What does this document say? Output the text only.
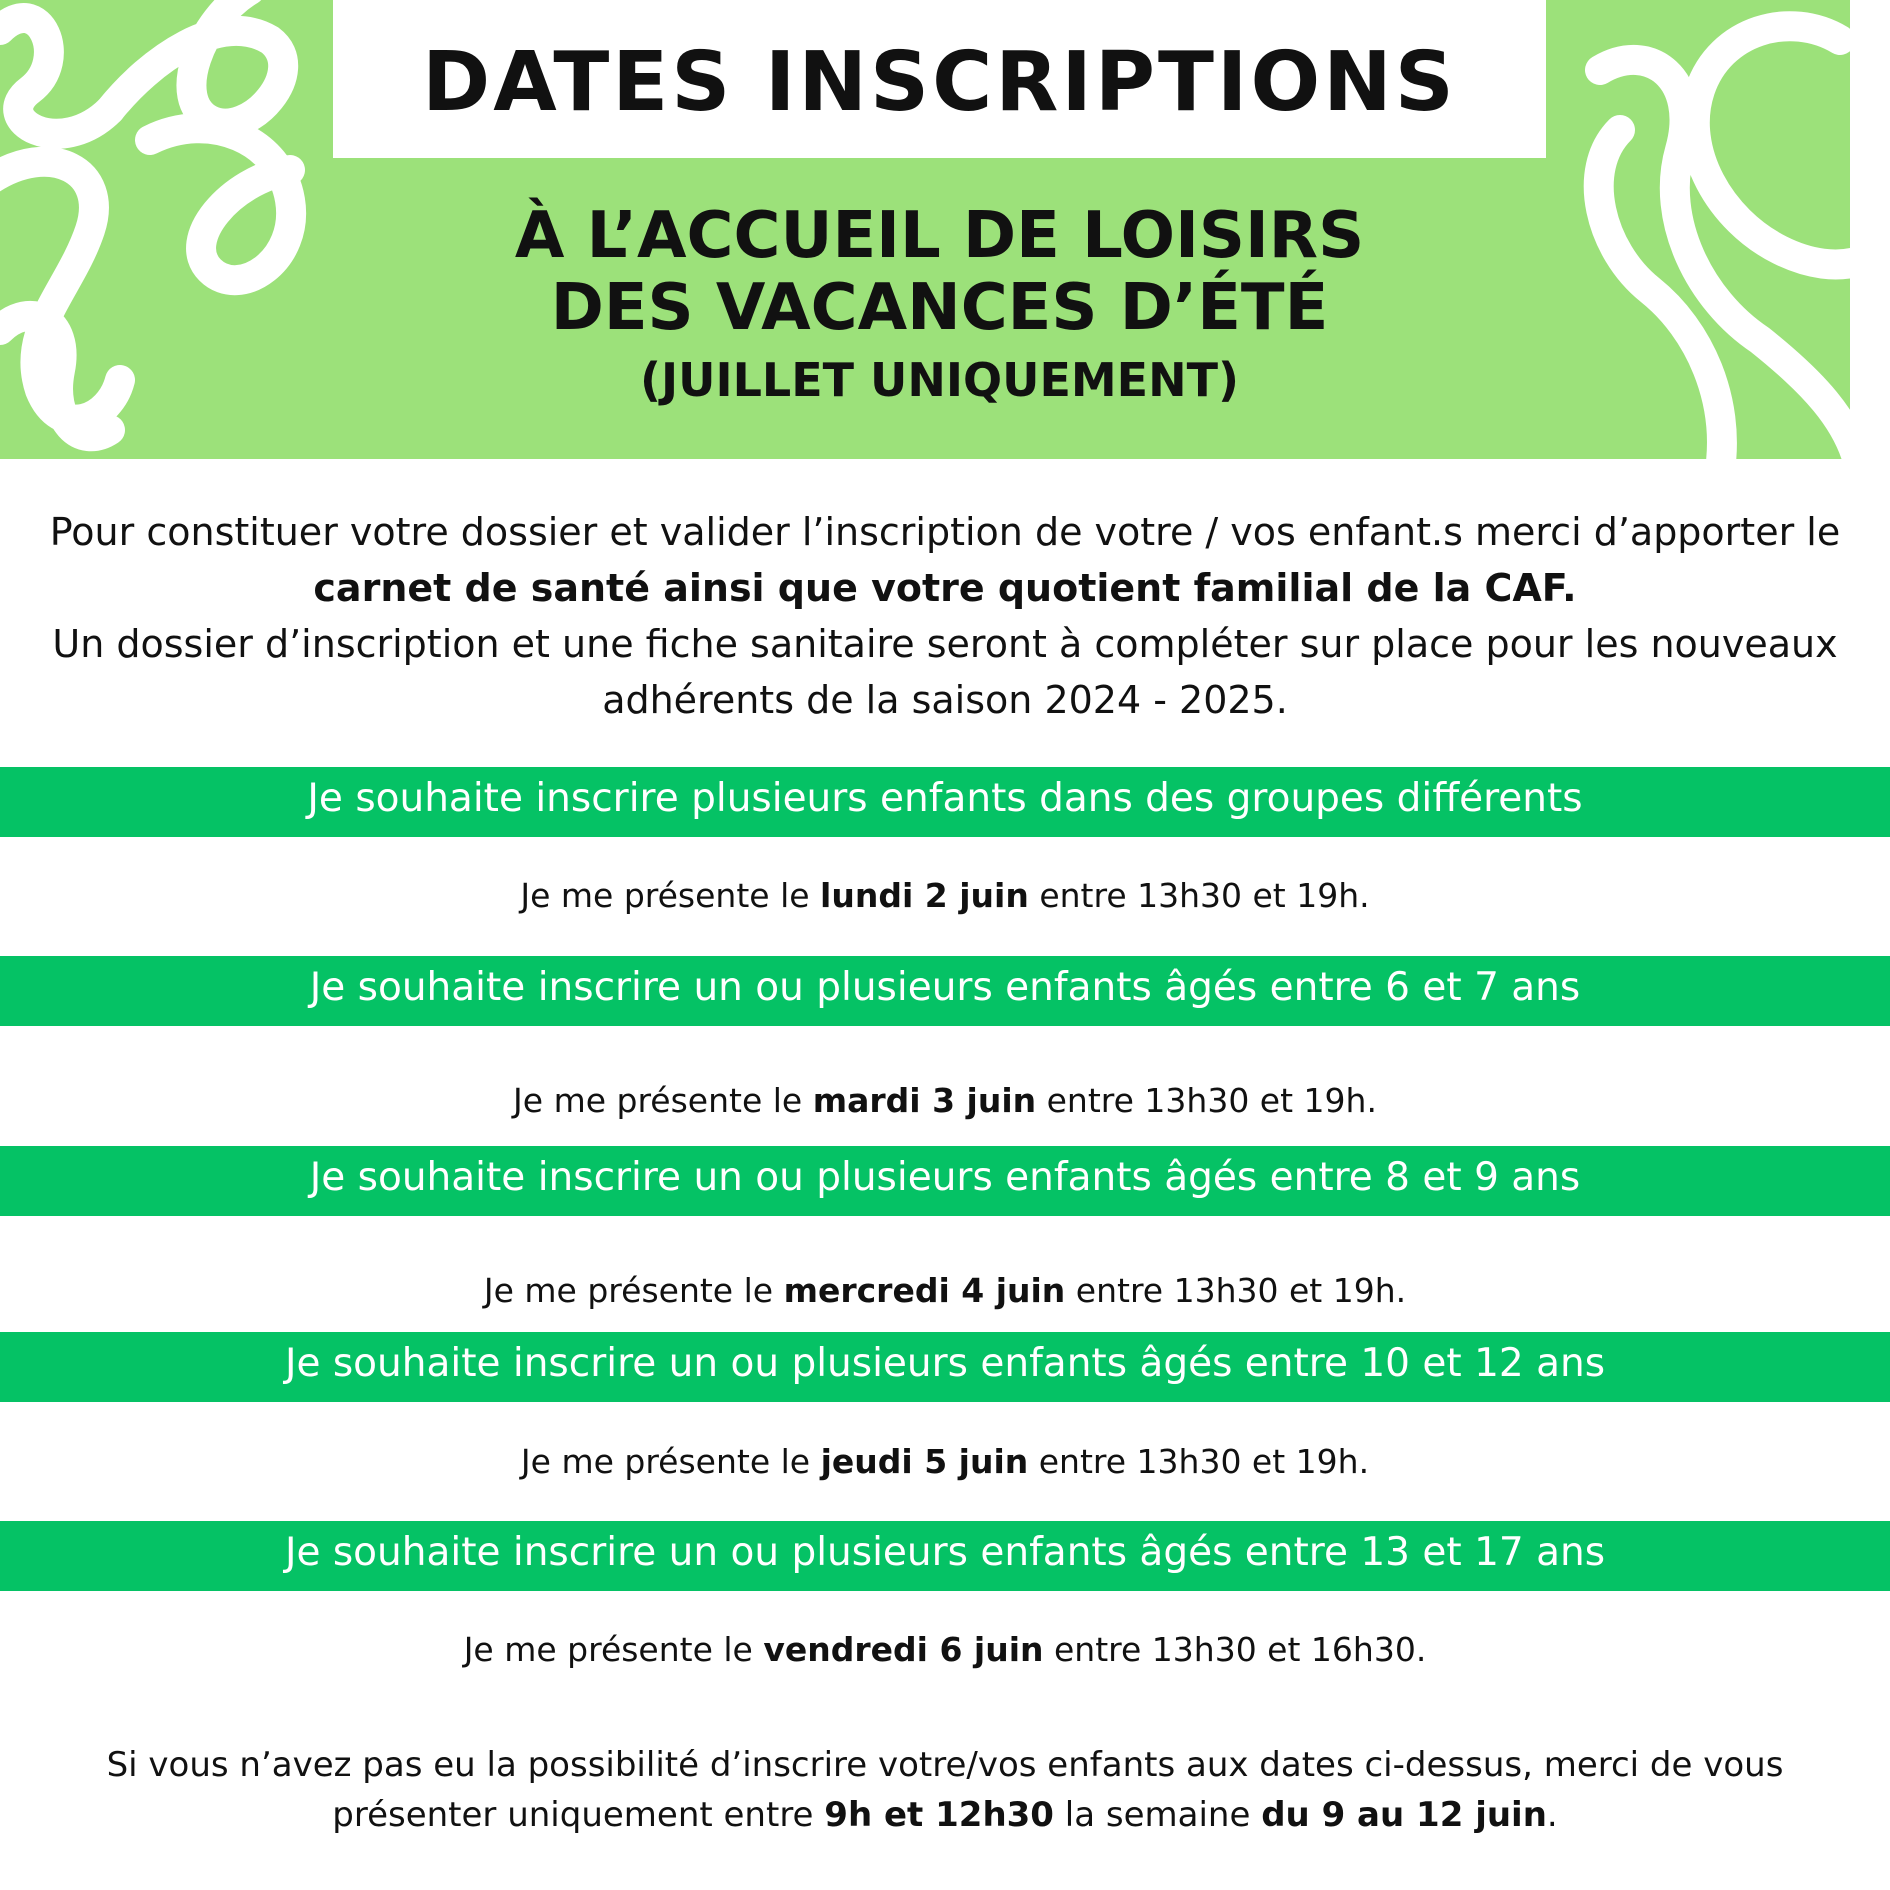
DATES INSCRIPTIONS
À L’ACCUEIL DE LOISIRS
DES VACANCES D’ÉTÉ
(JUILLET UNIQUEMENT)

Pour constituer votre dossier et valider l’inscription de votre / vos enfant.s merci d’apporter le carnet de santé ainsi que votre quotient familial de la CAF.
Un dossier d’inscription et une fiche sanitaire seront à compléter sur place pour les nouveaux adhérents de la saison 2024 - 2025.

Je souhaite inscrire plusieurs enfants dans des groupes différents

Je me présente le lundi 2 juin entre 13h30 et 19h.

Je souhaite inscrire un ou plusieurs enfants âgés entre 6 et 7 ans

Je me présente le mardi 3 juin entre 13h30 et 19h.

Je souhaite inscrire un ou plusieurs enfants âgés entre 8 et 9 ans

Je me présente le mercredi 4 juin entre 13h30 et 19h.

Je souhaite inscrire un ou plusieurs enfants âgés entre 10 et 12 ans

Je me présente le jeudi 5 juin entre 13h30 et 19h.

Je souhaite inscrire un ou plusieurs enfants âgés entre 13 et 17 ans

Je me présente le vendredi 6 juin entre 13h30 et 16h30.

Si vous n’avez pas eu la possibilité d’inscrire votre/vos enfants aux dates ci-dessus, merci de vous présenter uniquement entre 9h et 12h30 la semaine du 9 au 12 juin.
